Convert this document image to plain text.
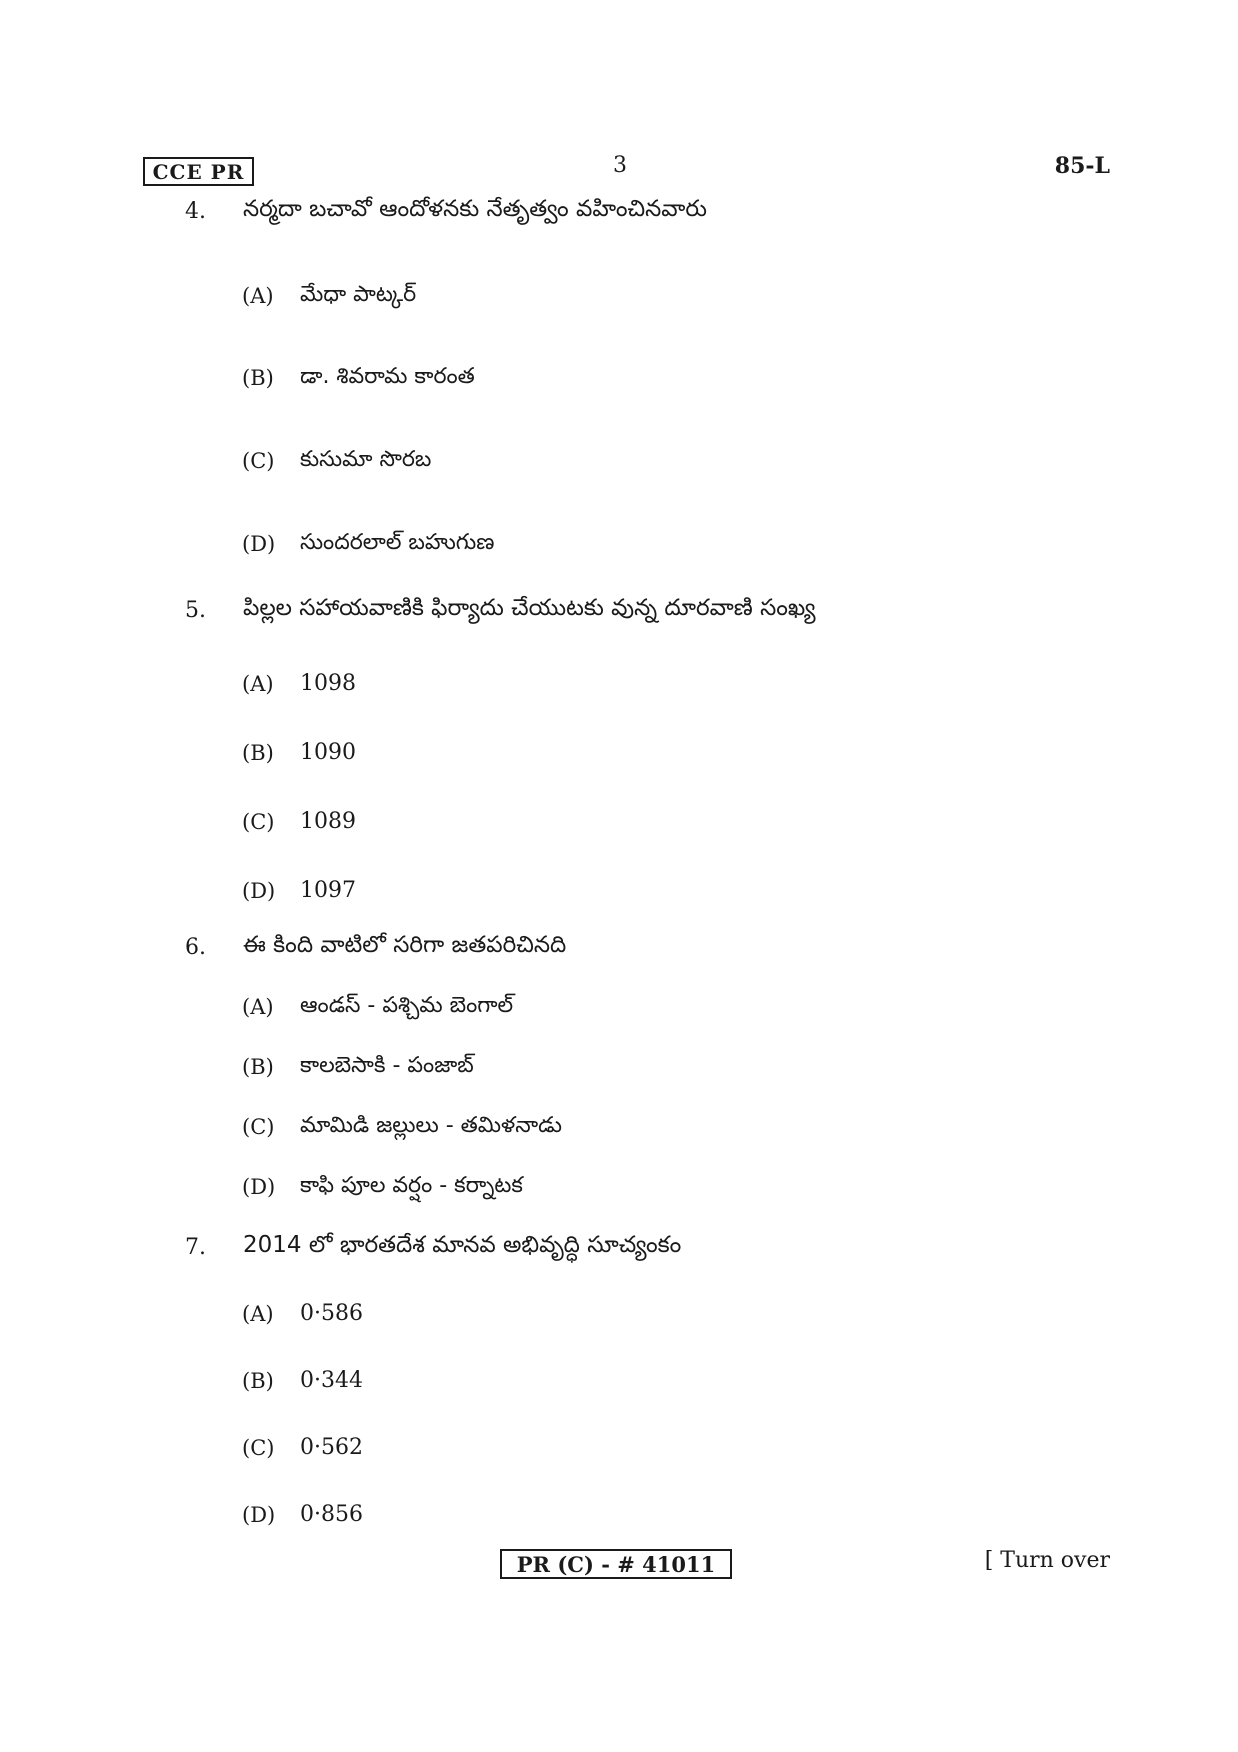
CCE PR	3	85-L
4.	నర్మదా బచావో ఆందోళనకు నేతృత్వం వహించినవారు
(A)	మేధా పాట్కర్
(B)	డా. శివరామ కారంత
(C)	కుసుమా సొరబ
(D)	సుందరలాల్ బహుగుణ
5.	పిల్లల సహాయవాణికి ఫిర్యాదు చేయుటకు వున్న దూరవాణి సంఖ్య
(A)	1098
(B)	1090
(C)	1089
(D)	1097
6.	ఈ కింది వాటిలో సరిగా జతపరిచినది
(A)	ఆండస్ - పశ్చిమ బెంగాల్
(B)	కాలబెసాకి - పంజాబ్
(C)	మామిడి జల్లులు - తమిళనాడు
(D)	కాఫి పూల వర్షం - కర్నాటక
7.	2014 లో భారతదేశ మానవ అభివృద్ధి సూచ్యంకం
(A)	0·586
(B)	0·344
(C)	0·562
(D)	0·856
PR (C) - # 41011	[ Turn over
